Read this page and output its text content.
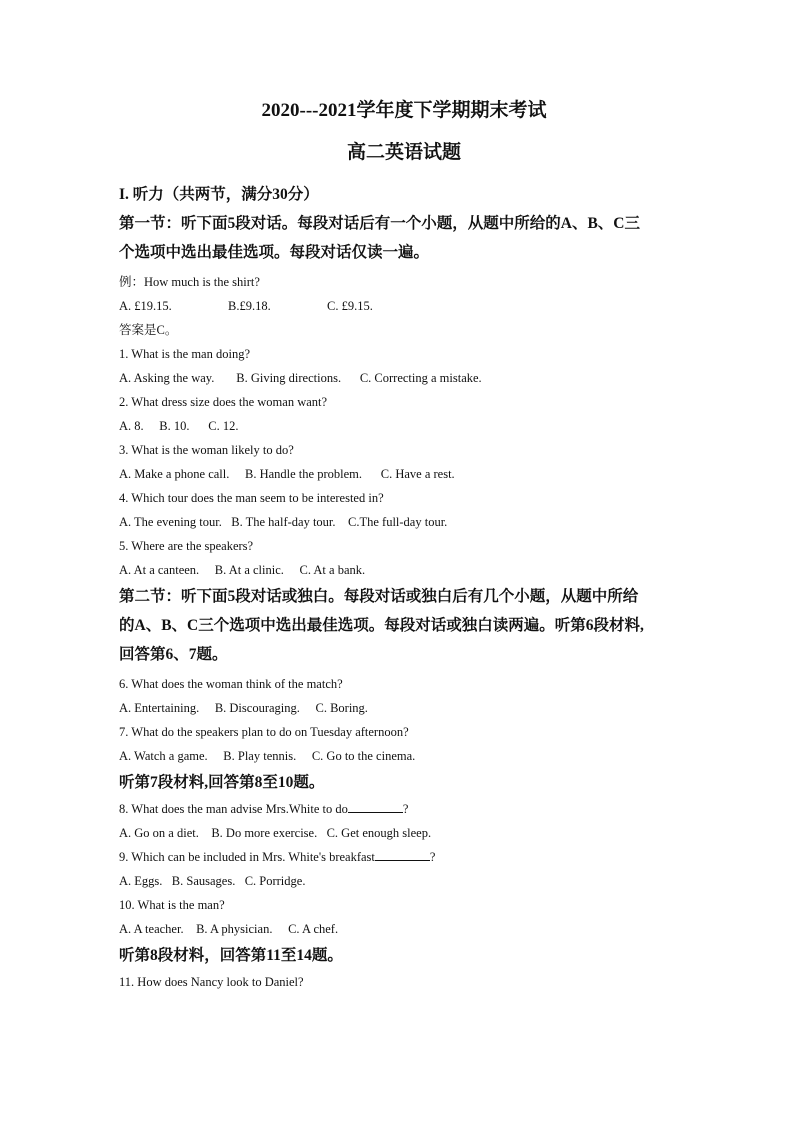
2020---2021学年度下学期期末考试

高二英语试题

I. 听力（共两节，满分30分）

第一节：听下面5段对话。每段对话后有一个小题，从题中所给的A、B、C三

个选项中选出最佳选项。每段对话仅读一遍。

例：How much is the shirt?

A. £19.15.                  B.£9.18.                  C. £9.15.

答案是C。

1. What is the man doing?

A. Asking the way.       B. Giving directions.      C. Correcting a mistake.

2. What dress size does the woman want?

A. 8.     B. 10.      C. 12.

3. What is the woman likely to do?

A. Make a phone call.     B. Handle the problem.      C. Have a rest.

4. Which tour does the man seem to be interested in?

A. The evening tour.   B. The half-day tour.    C.The full-day tour.

5. Where are the speakers?

A. At a canteen.     B. At a clinic.     C. At a bank.

第二节：听下面5段对话或独白。每段对话或独白后有几个小题，从题中所给

的A、B、C三个选项中选出最佳选项。每段对话或独白读两遍。听第6段材料,

回答第6、7题。

6. What does the woman think of the match?

A. Entertaining.     B. Discouraging.     C. Boring.

7. What do the speakers plan to do on Tuesday afternoon?

A. Watch a game.     B. Play tennis.     C. Go to the cinema.

听第7段材料,回答第8至10题。

8. What does the man advise Mrs.White to do	?

A. Go on a diet.    B. Do more exercise.   C. Get enough sleep.

9. Which can be included in Mrs. White's breakfast	?

A. Eggs.   B. Sausages.   C. Porridge.

10. What is the man?

A. A teacher.    B. A physician.     C. A chef.

听第8段材料，回答第11至14题。

11. How does Nancy look to Daniel?
